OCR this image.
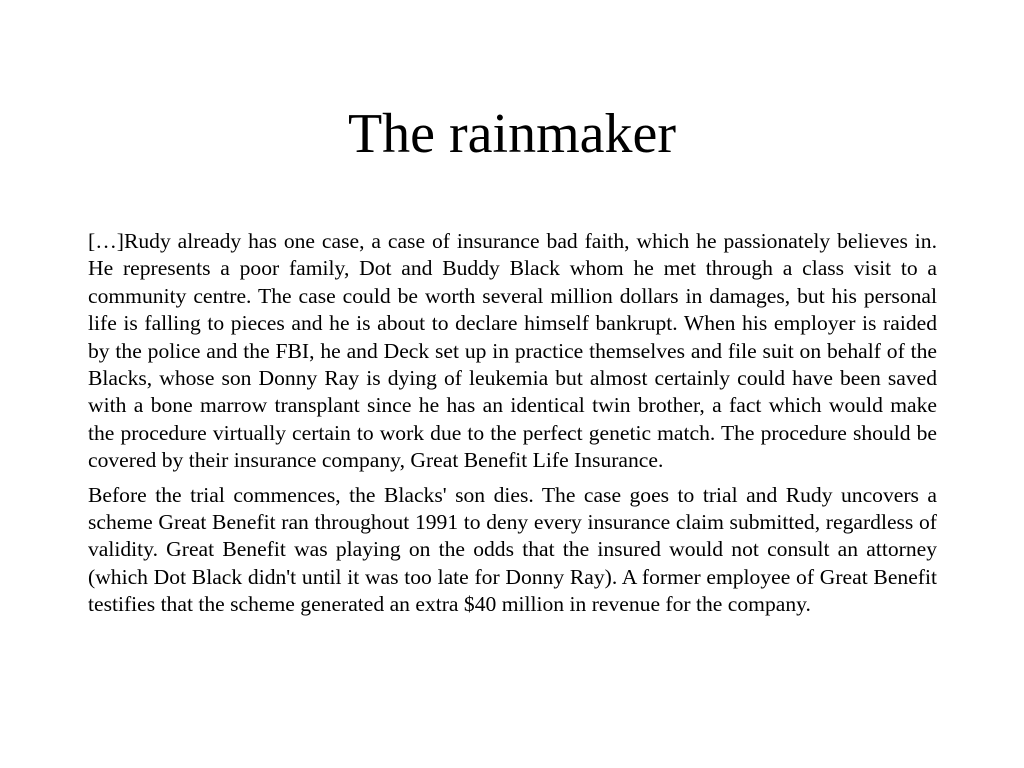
The rainmaker

[…]Rudy already has one case, a case of insurance bad faith, which he passionately believes in. He represents a poor family, Dot and Buddy Black whom he met through a class visit to a community centre. The case could be worth several million dollars in damages, but his personal life is falling to pieces and he is about to declare himself bankrupt. When his employer is raided by the police and the FBI, he and Deck set up in practice themselves and file suit on behalf of the Blacks, whose son Donny Ray is dying of leukemia but almost certainly could have been saved with a bone marrow transplant since he has an identical twin brother, a fact which would make the procedure virtually certain to work due to the perfect genetic match. The procedure should be covered by their insurance company, Great Benefit Life Insurance.

Before the trial commences, the Blacks' son dies. The case goes to trial and Rudy uncovers a scheme Great Benefit ran throughout 1991 to deny every insurance claim submitted, regardless of validity. Great Benefit was playing on the odds that the insured would not consult an attorney (which Dot Black didn't until it was too late for Donny Ray). A former employee of Great Benefit testifies that the scheme generated an extra $40 million in revenue for the company.
